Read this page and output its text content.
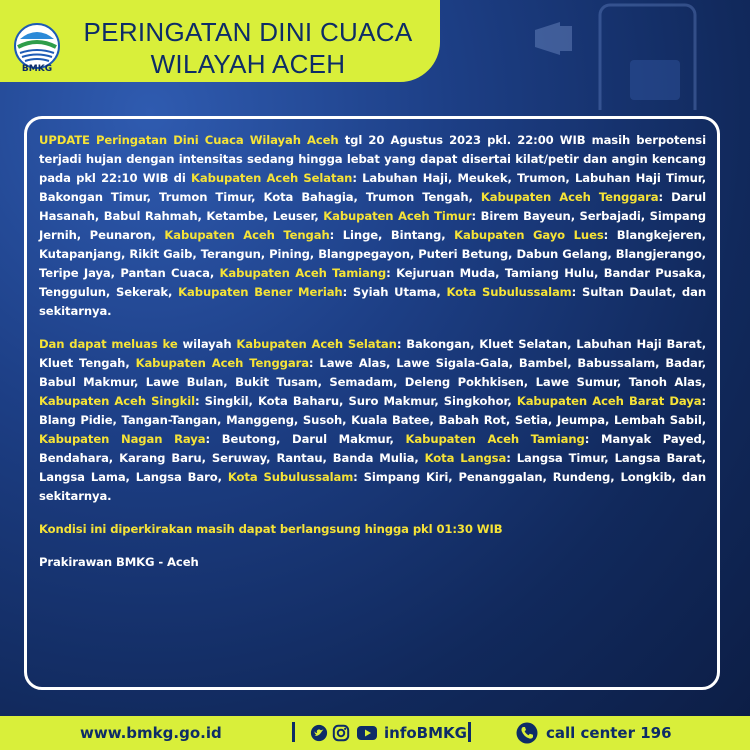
BMKG
PERINGATAN DINI CUACA
WILAYAH ACEH

UPDATE Peringatan Dini Cuaca Wilayah Aceh tgl 20 Agustus 2023 pkl. 22:00 WIB masih berpotensi terjadi hujan dengan intensitas sedang hingga lebat yang dapat disertai kilat/petir dan angin kencang pada pkl 22:10 WIB di Kabupaten Aceh Selatan: Labuhan Haji, Meukek, Trumon, Labuhan Haji Timur, Bakongan Timur, Trumon Timur, Kota Bahagia, Trumon Tengah, Kabupaten Aceh Tenggara: Darul Hasanah, Babul Rahmah, Ketambe, Leuser, Kabupaten Aceh Timur: Birem Bayeun, Serbajadi, Simpang Jernih, Peunaron, Kabupaten Aceh Tengah: Linge, Bintang, Kabupaten Gayo Lues: Blangkejeren, Kutapanjang, Rikit Gaib, Terangun, Pining, Blangpegayon, Puteri Betung, Dabun Gelang, Blangjerango, Teripe Jaya, Pantan Cuaca, Kabupaten Aceh Tamiang: Kejuruan Muda, Tamiang Hulu, Bandar Pusaka, Tenggulun, Sekerak, Kabupaten Bener Meriah: Syiah Utama, Kota Subulussalam: Sultan Daulat, dan sekitarnya.

Dan dapat meluas ke wilayah Kabupaten Aceh Selatan: Bakongan, Kluet Selatan, Labuhan Haji Barat, Kluet Tengah, Kabupaten Aceh Tenggara: Lawe Alas, Lawe Sigala-Gala, Bambel, Babussalam, Badar, Babul Makmur, Lawe Bulan, Bukit Tusam, Semadam, Deleng Pokhkisen, Lawe Sumur, Tanoh Alas, Kabupaten Aceh Singkil: Singkil, Kota Baharu, Suro Makmur, Singkohor, Kabupaten Aceh Barat Daya: Blang Pidie, Tangan-Tangan, Manggeng, Susoh, Kuala Batee, Babah Rot, Setia, Jeumpa, Lembah Sabil, Kabupaten Nagan Raya: Beutong, Darul Makmur, Kabupaten Aceh Tamiang: Manyak Payed, Bendahara, Karang Baru, Seruway, Rantau, Banda Mulia, Kota Langsa: Langsa Timur, Langsa Barat, Langsa Lama, Langsa Baro, Kota Subulussalam: Simpang Kiri, Penanggalan, Rundeng, Longkib, dan sekitarnya.

Kondisi ini diperkirakan masih dapat berlangsung hingga pkl 01:30 WIB

Prakirawan BMKG - Aceh

www.bmkg.go.id	infoBMKG	call center 196
